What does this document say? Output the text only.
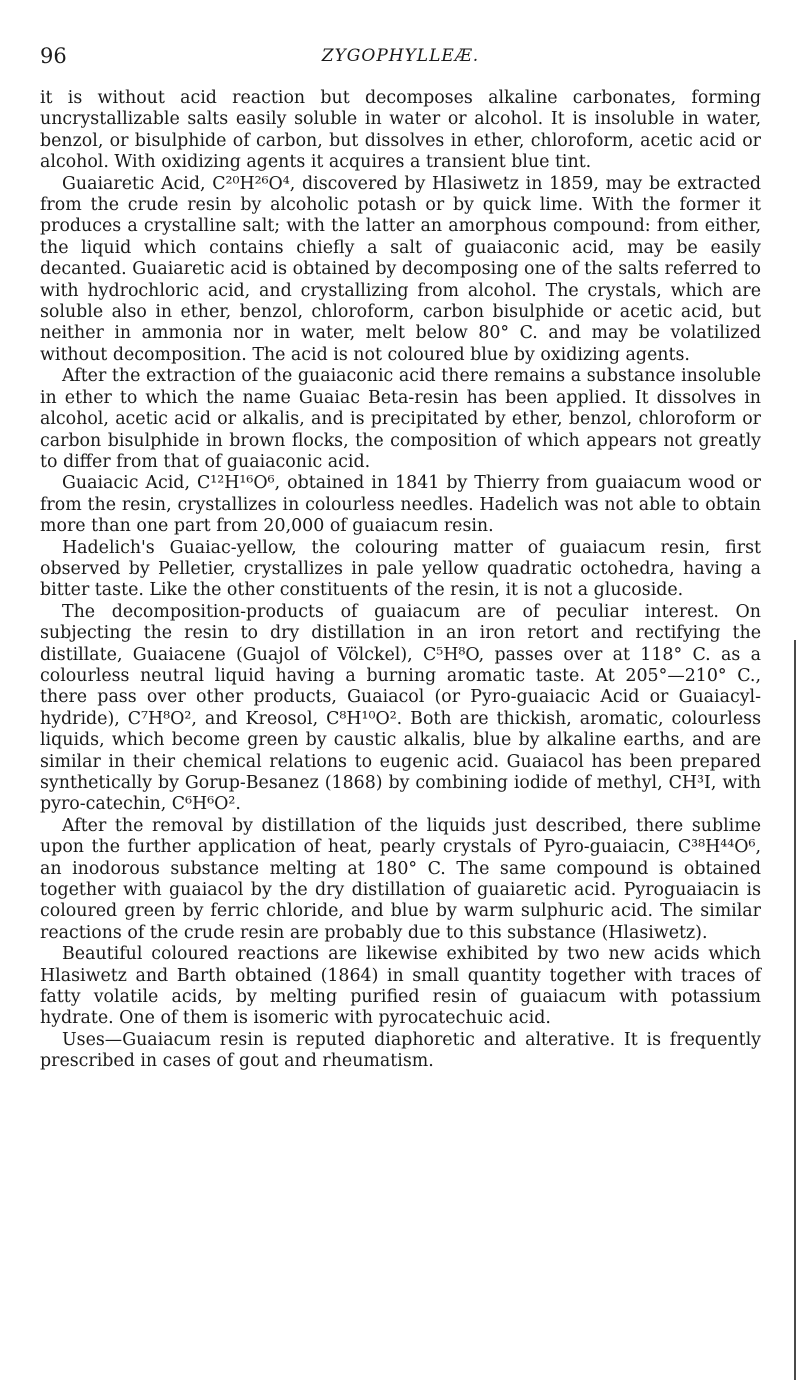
96	ZYGOPHYLLEÆ.

it is without acid reaction but decomposes alkaline carbonates, forming uncrystallizable salts easily soluble in water or alcohol. It is insoluble in water, benzol, or bisulphide of carbon, but dissolves in ether, chloroform, acetic acid or alcohol. With oxidizing agents it acquires a transient blue tint.

Guaiaretic Acid, C²⁰H²⁶O⁴, discovered by Hlasiwetz in 1859, may be extracted from the crude resin by alcoholic potash or by quick lime. With the former it produces a crystalline salt; with the latter an amorphous compound: from either, the liquid which contains chiefly a salt of guaiaconic acid, may be easily decanted. Guaiaretic acid is obtained by decomposing one of the salts referred to with hydrochloric acid, and crystallizing from alcohol. The crystals, which are soluble also in ether, benzol, chloroform, carbon bisulphide or acetic acid, but neither in ammonia nor in water, melt below 80° C. and may be volatilized without decomposition. The acid is not coloured blue by oxidizing agents.

After the extraction of the guaiaconic acid there remains a substance insoluble in ether to which the name Guaiac Beta-resin has been applied. It dissolves in alcohol, acetic acid or alkalis, and is precipitated by ether, benzol, chloroform or carbon bisulphide in brown flocks, the composition of which appears not greatly to differ from that of guaiaconic acid.

Guaiacic Acid, C¹²H¹⁶O⁶, obtained in 1841 by Thierry from guaiacum wood or from the resin, crystallizes in colourless needles. Hadelich was not able to obtain more than one part from 20,000 of guaiacum resin.

Hadelich's Guaiac-yellow, the colouring matter of guaiacum resin, first observed by Pelletier, crystallizes in pale yellow quadratic octohedra, having a bitter taste. Like the other constituents of the resin, it is not a glucoside.

The decomposition-products of guaiacum are of peculiar interest. On subjecting the resin to dry distillation in an iron retort and rectifying the distillate, Guaiacene (Guajol of Völckel), C⁵H⁸O, passes over at 118° C. as a colourless neutral liquid having a burning aromatic taste. At 205°—210° C., there pass over other products, Guaiacol (or Pyro-guaiacic Acid or Guaiacyl-hydride), C⁷H⁸O², and Kreosol, C⁸H¹⁰O². Both are thickish, aromatic, colourless liquids, which become green by caustic alkalis, blue by alkaline earths, and are similar in their chemical relations to eugenic acid. Guaiacol has been prepared synthetically by Gorup-Besanez (1868) by combining iodide of methyl, CH³I, with pyro-catechin, C⁶H⁶O².

After the removal by distillation of the liquids just described, there sublime upon the further application of heat, pearly crystals of Pyro-guaiacin, C³⁸H⁴⁴O⁶, an inodorous substance melting at 180° C. The same compound is obtained together with guaiacol by the dry distillation of guaiaretic acid. Pyroguaiacin is coloured green by ferric chloride, and blue by warm sulphuric acid. The similar reactions of the crude resin are probably due to this substance (Hlasiwetz).

Beautiful coloured reactions are likewise exhibited by two new acids which Hlasiwetz and Barth obtained (1864) in small quantity together with traces of fatty volatile acids, by melting purified resin of guaiacum with potassium hydrate. One of them is isomeric with pyrocatechuic acid.

Uses—Guaiacum resin is reputed diaphoretic and alterative. It is frequently prescribed in cases of gout and rheumatism.
